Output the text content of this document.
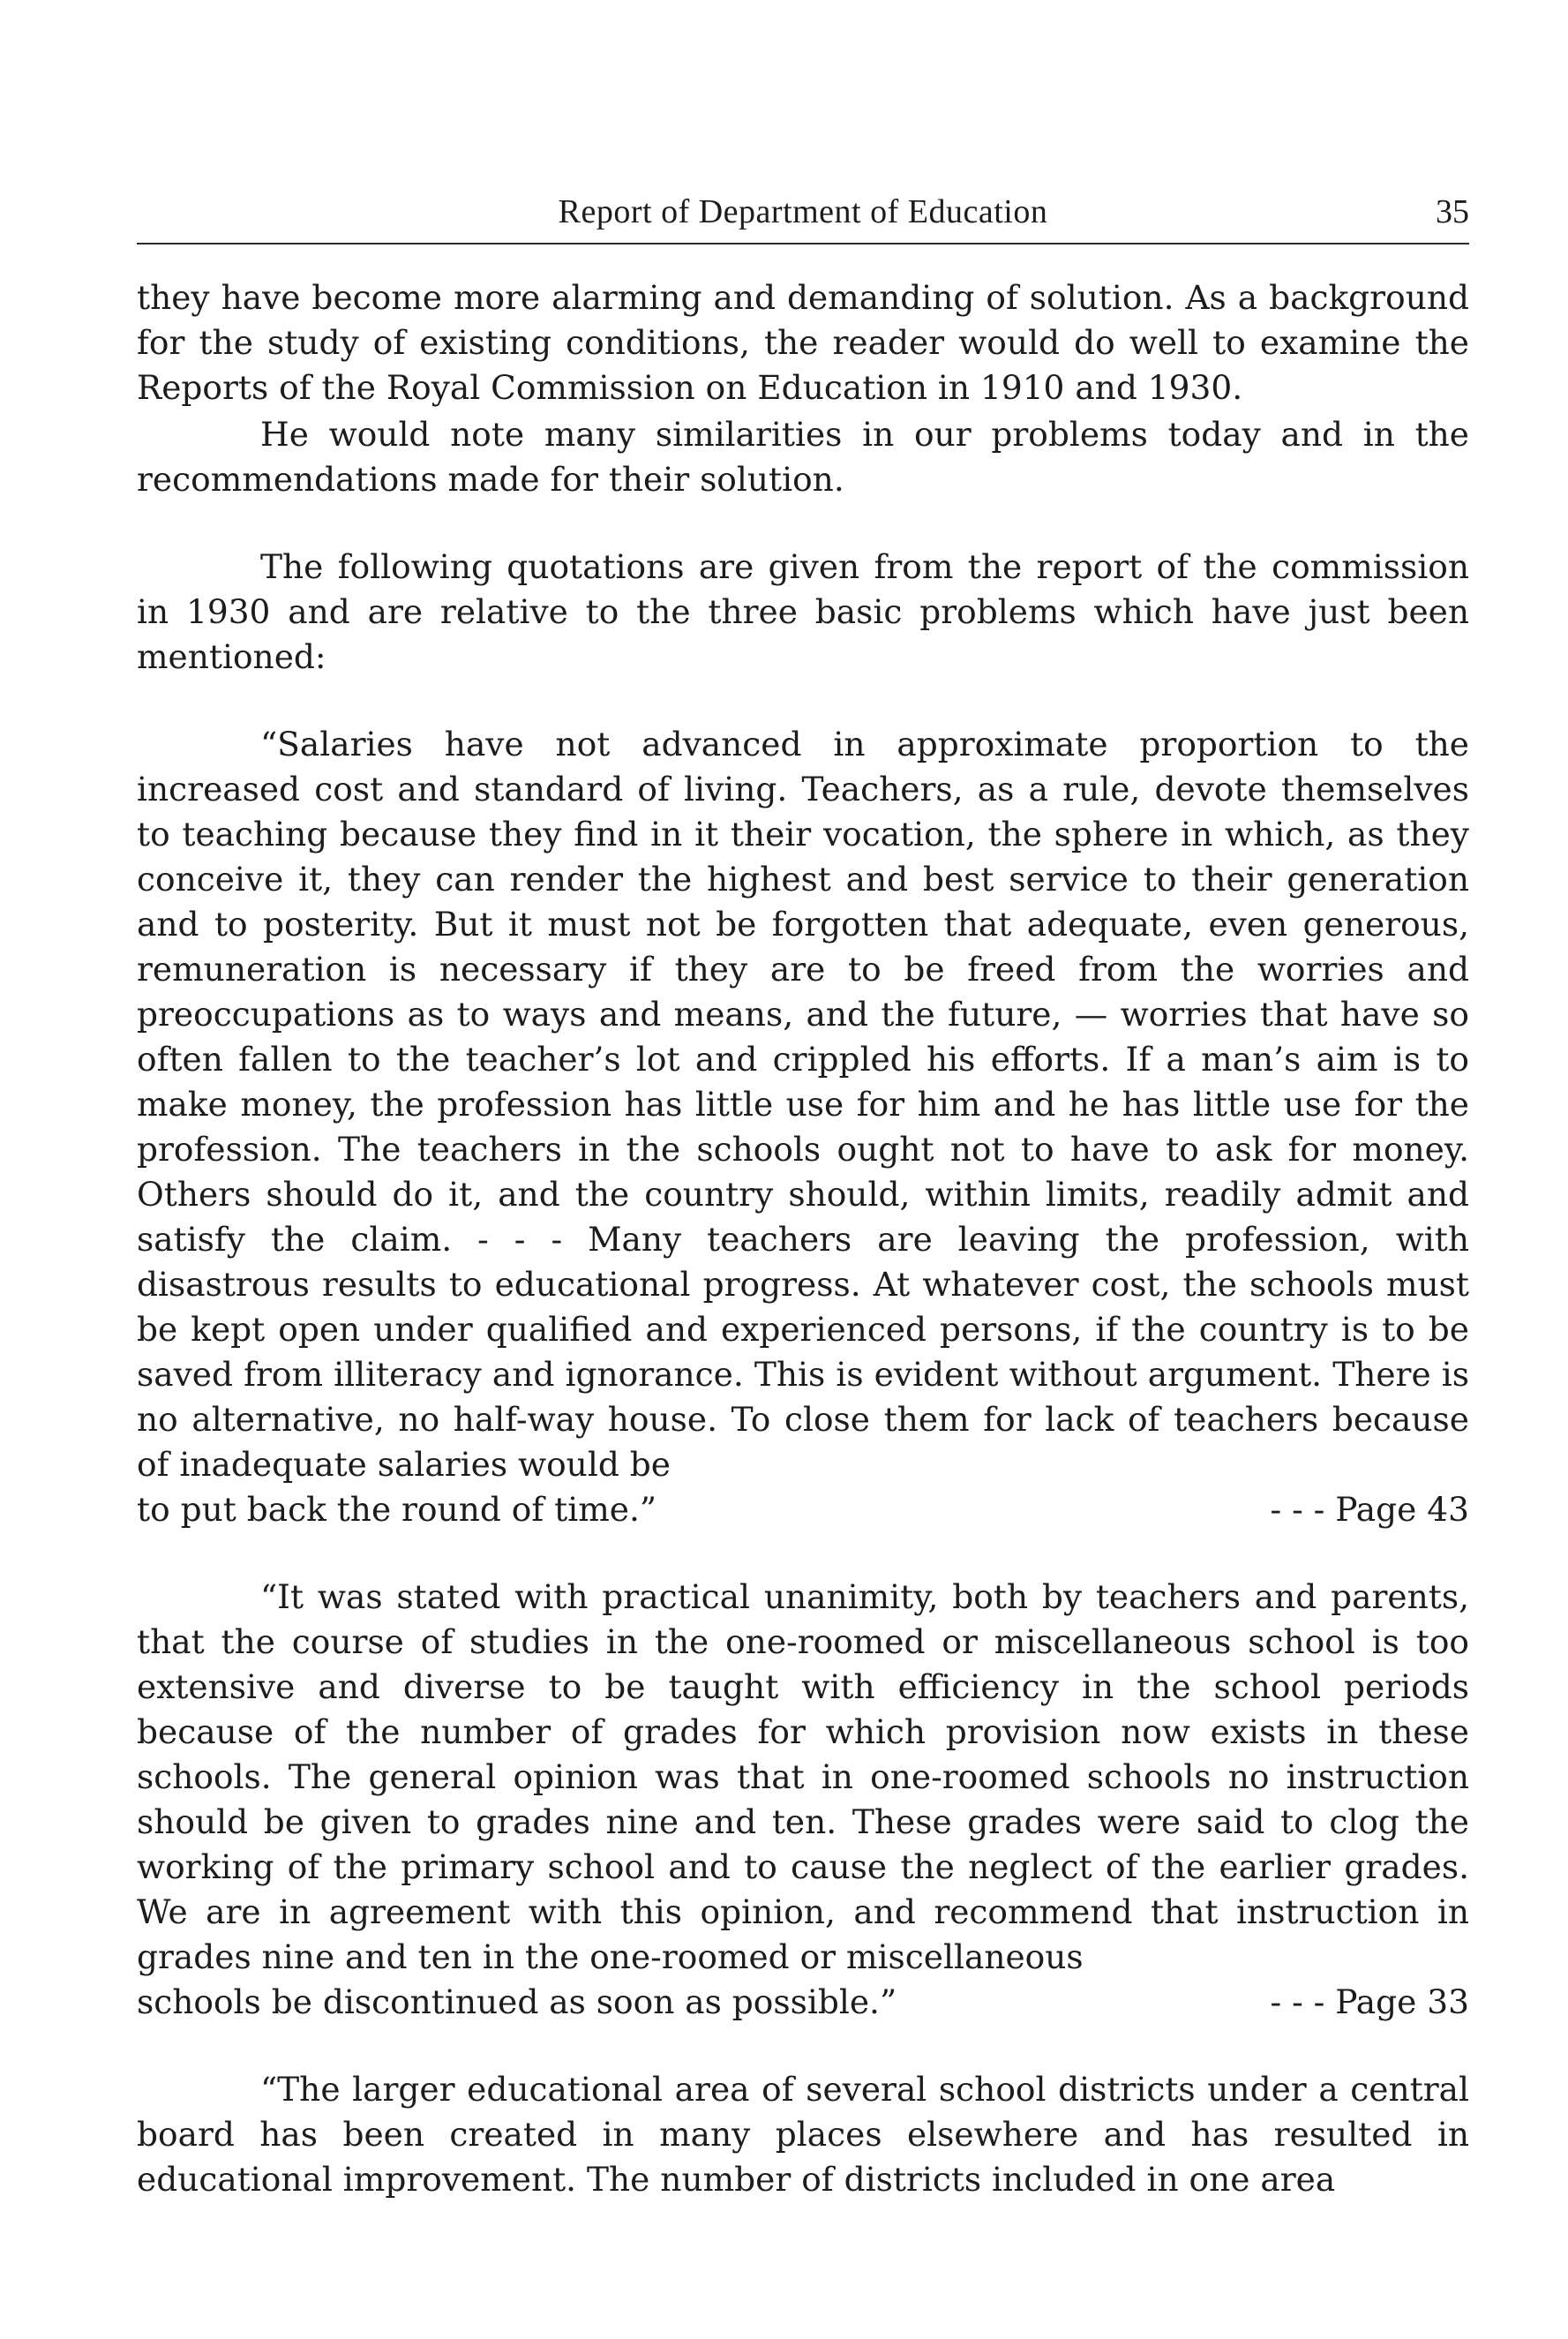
Report of Department of Education	35

they have become more alarming and demanding of solution. As a background for the study of existing conditions, the reader would do well to examine the Reports of the Royal Commission on Education in 1910 and 1930.

He would note many similarities in our problems today and in the recommendations made for their solution.

The following quotations are given from the report of the commission in 1930 and are relative to the three basic problems which have just been mentioned:

“Salaries have not advanced in approximate proportion to the increased cost and standard of living. Teachers, as a rule, devote themselves to teaching because they find in it their vocation, the sphere in which, as they conceive it, they can render the highest and best service to their generation and to posterity. But it must not be forgotten that adequate, even generous, remuneration is necessary if they are to be freed from the worries and preoccupations as to ways and means, and the future, — worries that have so often fallen to the teacher’s lot and crippled his efforts. If a man’s aim is to make money, the profession has little use for him and he has little use for the profession. The teachers in the schools ought not to have to ask for money. Others should do it, and the country should, within limits, readily admit and satisfy the claim. - - - Many teachers are leaving the profession, with disastrous results to educational progress. At whatever cost, the schools must be kept open under qualified and experienced persons, if the country is to be saved from illiteracy and ignorance. This is evident without argument. There is no alternative, no half-way house. To close them for lack of teachers because of inadequate salaries would be

to put back the round of time.”	- - - Page 43

“It was stated with practical unanimity, both by teachers and parents, that the course of studies in the one-roomed or miscellaneous school is too extensive and diverse to be taught with efficiency in the school periods because of the number of grades for which provision now exists in these schools. The general opinion was that in one-roomed schools no instruction should be given to grades nine and ten. These grades were said to clog the working of the primary school and to cause the neglect of the earlier grades. We are in agreement with this opinion, and recommend that instruction in grades nine and ten in the one-roomed or miscellaneous

schools be discontinued as soon as possible.”	- - - Page 33

“The larger educational area of several school districts under a central board has been created in many places elsewhere and has resulted in educational improvement. The number of districts included in one area
